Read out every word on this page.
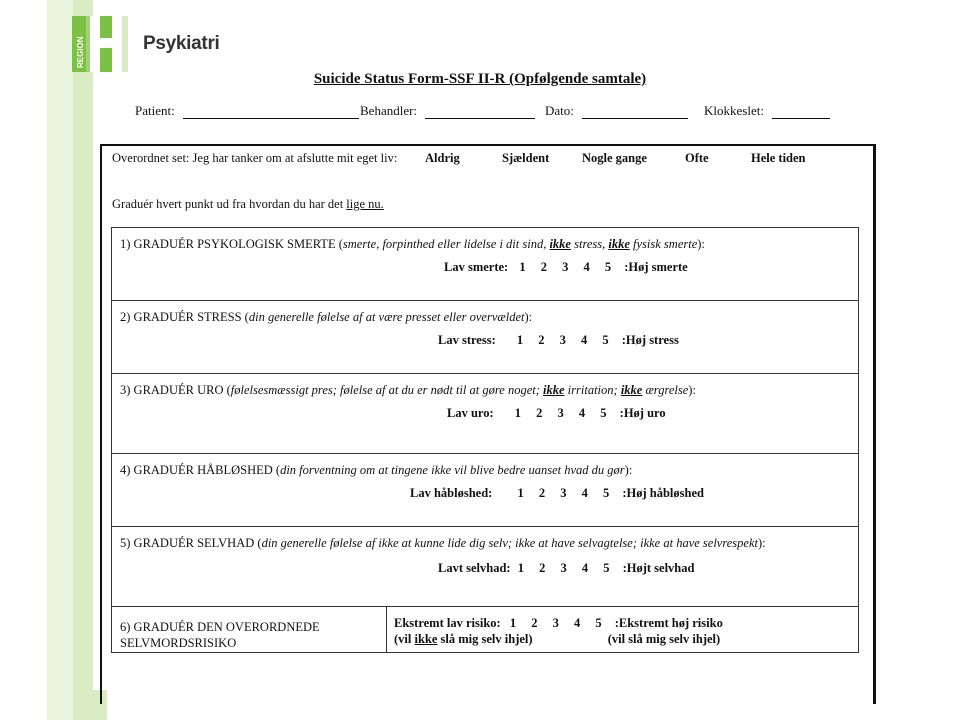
REGION	Psykiatri
Suicide Status Form-SSF II-R (Opfølgende samtale)
Patient:	Behandler:	Dato:	Klokkeslet:
Overordnet set: Jeg har tanker om at afslutte mit eget liv: Aldrig	Sjældent	Nogle gange	Ofte	Hele tiden
Graduér hvert punkt ud fra hvordan du har det lige nu.
1) GRADUÉR PSYKOLOGISK SMERTE (smerte, forpinthed eller lidelse i dit sind, ikke stress, ikke fysisk smerte):
Lav smerte: 1 2 3 4 5 :Høj smerte
2) GRADUÉR STRESS (din generelle følelse af at være presset eller overvældet):
Lav stress: 1 2 3 4 5 :Høj stress
3) GRADUÉR URO (følelsesmæssigt pres; følelse af at du er nødt til at gøre noget; ikke irritation; ikke ærgrelse):
Lav uro: 1 2 3 4 5 :Høj uro
4) GRADUÉR HÅBLØSHED (din forventning om at tingene ikke vil blive bedre uanset hvad du gør):
Lav håbløshed: 1 2 3 4 5 :Høj håbløshed
5) GRADUÉR SELVHAD (din generelle følelse af ikke at kunne lide dig selv; ikke at have selvagtelse; ikke at have selvrespekt):
Lavt selvhad: 1 2 3 4 5 :Højt selvhad
6) GRADUÉR DEN OVERORDNEDE
SELVMORDSRISIKO
Ekstremt lav risiko: 1 2 3 4 5 :Ekstremt høj risiko
(vil ikke slå mig selv ihjel)	(vil slå mig selv ihjel)
